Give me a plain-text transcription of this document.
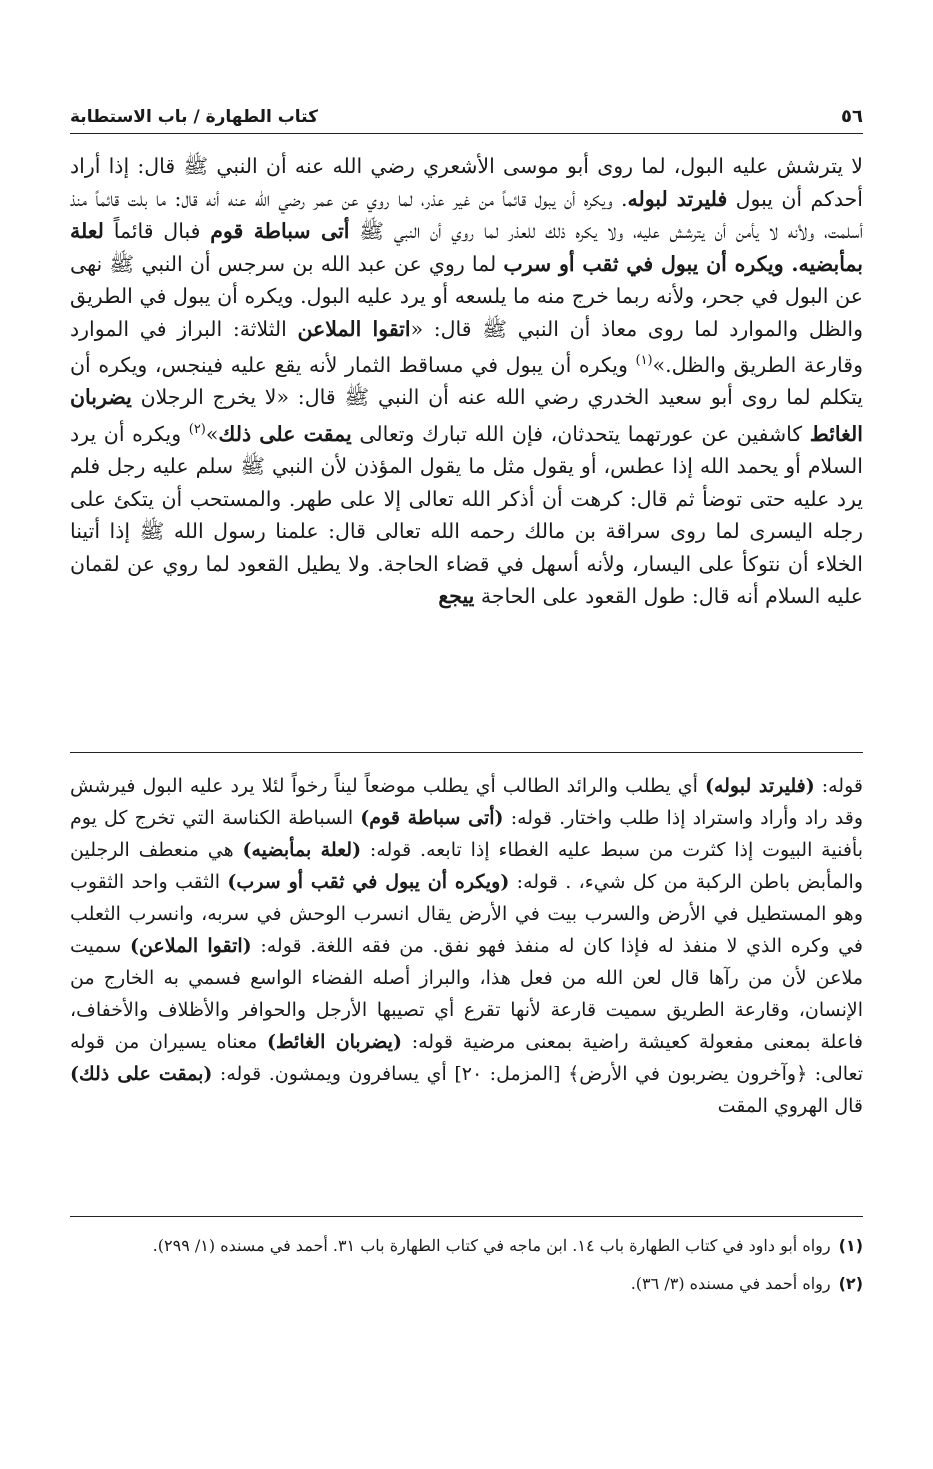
٥٦
كتاب الطهارة / باب الاستطابة

لا يترشش عليه البول، لما روى أبو موسى الأشعري رضي الله عنه أن النبي ﷺ قال: إذا أراد أحدكم أن يبول فليرتد لبوله. ويكره أن يبول قائماً من غير عذر، لما روي عن عمر رضي الله عنه أنه قال: ما بلت قائماً منذ أسلمت، ولأنه لا يأمن أن يترشش عليه، ولا يكره ذلك للعذر لما روي أن النبي ﷺ أتى سباطة قوم فبال قائماً لعلة بمأبضيه. ويكره أن يبول في ثقب أو سرب لما روي عن عبد الله بن سرجس أن النبي ﷺ نهى عن البول في جحر، ولأنه ربما خرج منه ما يلسعه أو يرد عليه البول. ويكره أن يبول في الطريق والظل والموارد لما روى معاذ أن النبي ﷺ قال: «اتقوا الملاعن الثلاثة: البراز في الموارد وقارعة الطريق والظل.»$^{(١)}$ ويكره أن يبول في مساقط الثمار لأنه يقع عليه فينجس، ويكره أن يتكلم لما روى أبو سعيد الخدري رضي الله عنه أن النبي ﷺ قال: «لا يخرج الرجلان يضربان الغائط كاشفين عن عورتهما يتحدثان، فإن الله تبارك وتعالى يمقت على ذلك»$^{(٢)}$ ويكره أن يرد السلام أو يحمد الله إذا عطس، أو يقول مثل ما يقول المؤذن لأن النبي ﷺ سلم عليه رجل فلم يرد عليه حتى توضأ ثم قال: كرهت أن أذكر الله تعالى إلا على طهر. والمستحب أن يتكئ على رجله اليسرى لما روى سراقة بن مالك رحمه الله تعالى قال: علمنا رسول الله ﷺ إذا أتينا الخلاء أن نتوكأ على اليسار، ولأنه أسهل في قضاء الحاجة. ولا يطيل القعود لما روي عن لقمان عليه السلام أنه قال: طول القعود على الحاجة ييجع

قوله: (فليرتد لبوله) أي يطلب والرائد الطالب أي يطلب موضعاً ليناً رخواً لئلا يرد عليه البول فيرشش وقد راد وأراد واستراد إذا طلب واختار. قوله: (أتى سباطة قوم) السباطة الكناسة التي تخرج كل يوم بأفنية البيوت إذا كثرت من سبط عليه الغطاء إذا تابعه. قوله: (لعلة بمأبضيه) هي منعطف الرجلين والمأبض باطن الركبة من كل شيء، . قوله: (ويكره أن يبول في ثقب أو سرب) الثقب واحد الثقوب وهو المستطيل في الأرض والسرب بيت في الأرض يقال انسرب الوحش في سربه، وانسرب الثعلب في وكره الذي لا منفذ له فإذا كان له منفذ فهو نفق. من فقه اللغة. قوله: (اتقوا الملاعن) سميت ملاعن لأن من رآها قال لعن الله من فعل هذا، والبراز أصله الفضاء الواسع فسمي به الخارج من الإنسان، وقارعة الطريق سميت قارعة لأنها تقرع أي تصيبها الأرجل والحوافر والأظلاف والأخفاف، فاعلة بمعنى مفعولة كعيشة راضية بمعنى مرضية قوله: (يضربان الغائط) معناه يسيران من قوله تعالى: ﴿وآخرون يضربون في الأرض﴾ [المزمل: ٢٠] أي يسافرون ويمشون. قوله: (بمقت على ذلك) قال الهروي المقت

(١)
رواه أبو داود في كتاب الطهارة باب ١٤. ابن ماجه في كتاب الطهارة باب ٣١. أحمد في مسنده (١/ ٢٩٩).
(٢)
رواه أحمد في مسنده (٣/ ٣٦).
